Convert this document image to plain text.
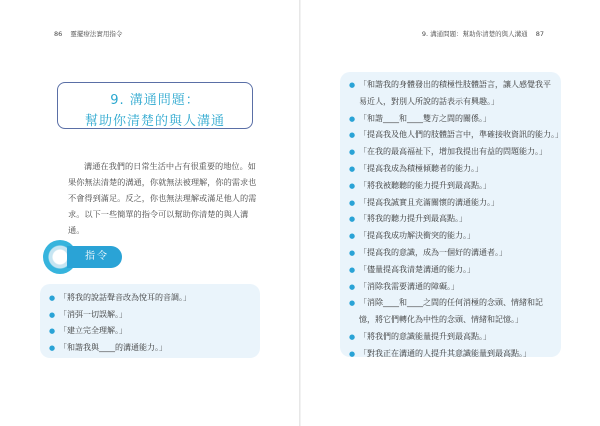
86 靈擺療法實用指令
9. 溝通問題：
幫助你清楚的與人溝通

溝通在我們的日常生活中占有很重要的地位。如果你無法清楚的溝通，你就無法被理解，你的需求也不會得到滿足。反之，你也無法理解或滿足他人的需求。以下一些簡單的指令可以幫助你清楚的與人溝通。

指令
● 「將我的說話聲音改為悅耳的音調。」
● 「消弭一切誤解。」
● 「建立完全理解。」
● 「和諧我與____的溝通能力。」
9. 溝通問題：幫助你清楚的與人溝通 87
● 「和諧我的身體發出的積極性肢體語言，讓人感覺我平易近人，對別人所說的話表示有興趣。」
● 「和諧____和____雙方之間的關係。」
● 「提高我及他人們的肢體語言中，準確接收資訊的能力。」
● 「在我的最高福祉下，增加我提出有益的問題能力。」
● 「提高我成為積極傾聽者的能力。」
● 「將我被聽聽的能力提升到最高點。」
● 「提高我誠實且充滿關懷的溝通能力。」
● 「將我的聽力提升到最高點。」
● 「提高我成功解決衝突的能力。」
● 「提高我的意識，成為一個好的溝通者。」
● 「儘量提高我清楚溝通的能力。」
● 「消除我需要溝通的障礙。」
● 「消除____和____之間的任何消極的念頭、情緒和記憶，將它們轉化為中性的念頭、情緒和記憶。」
● 「將我們的意識能量提升到最高點。」
● 「對我正在溝通的人提升其意識能量到最高點。」
